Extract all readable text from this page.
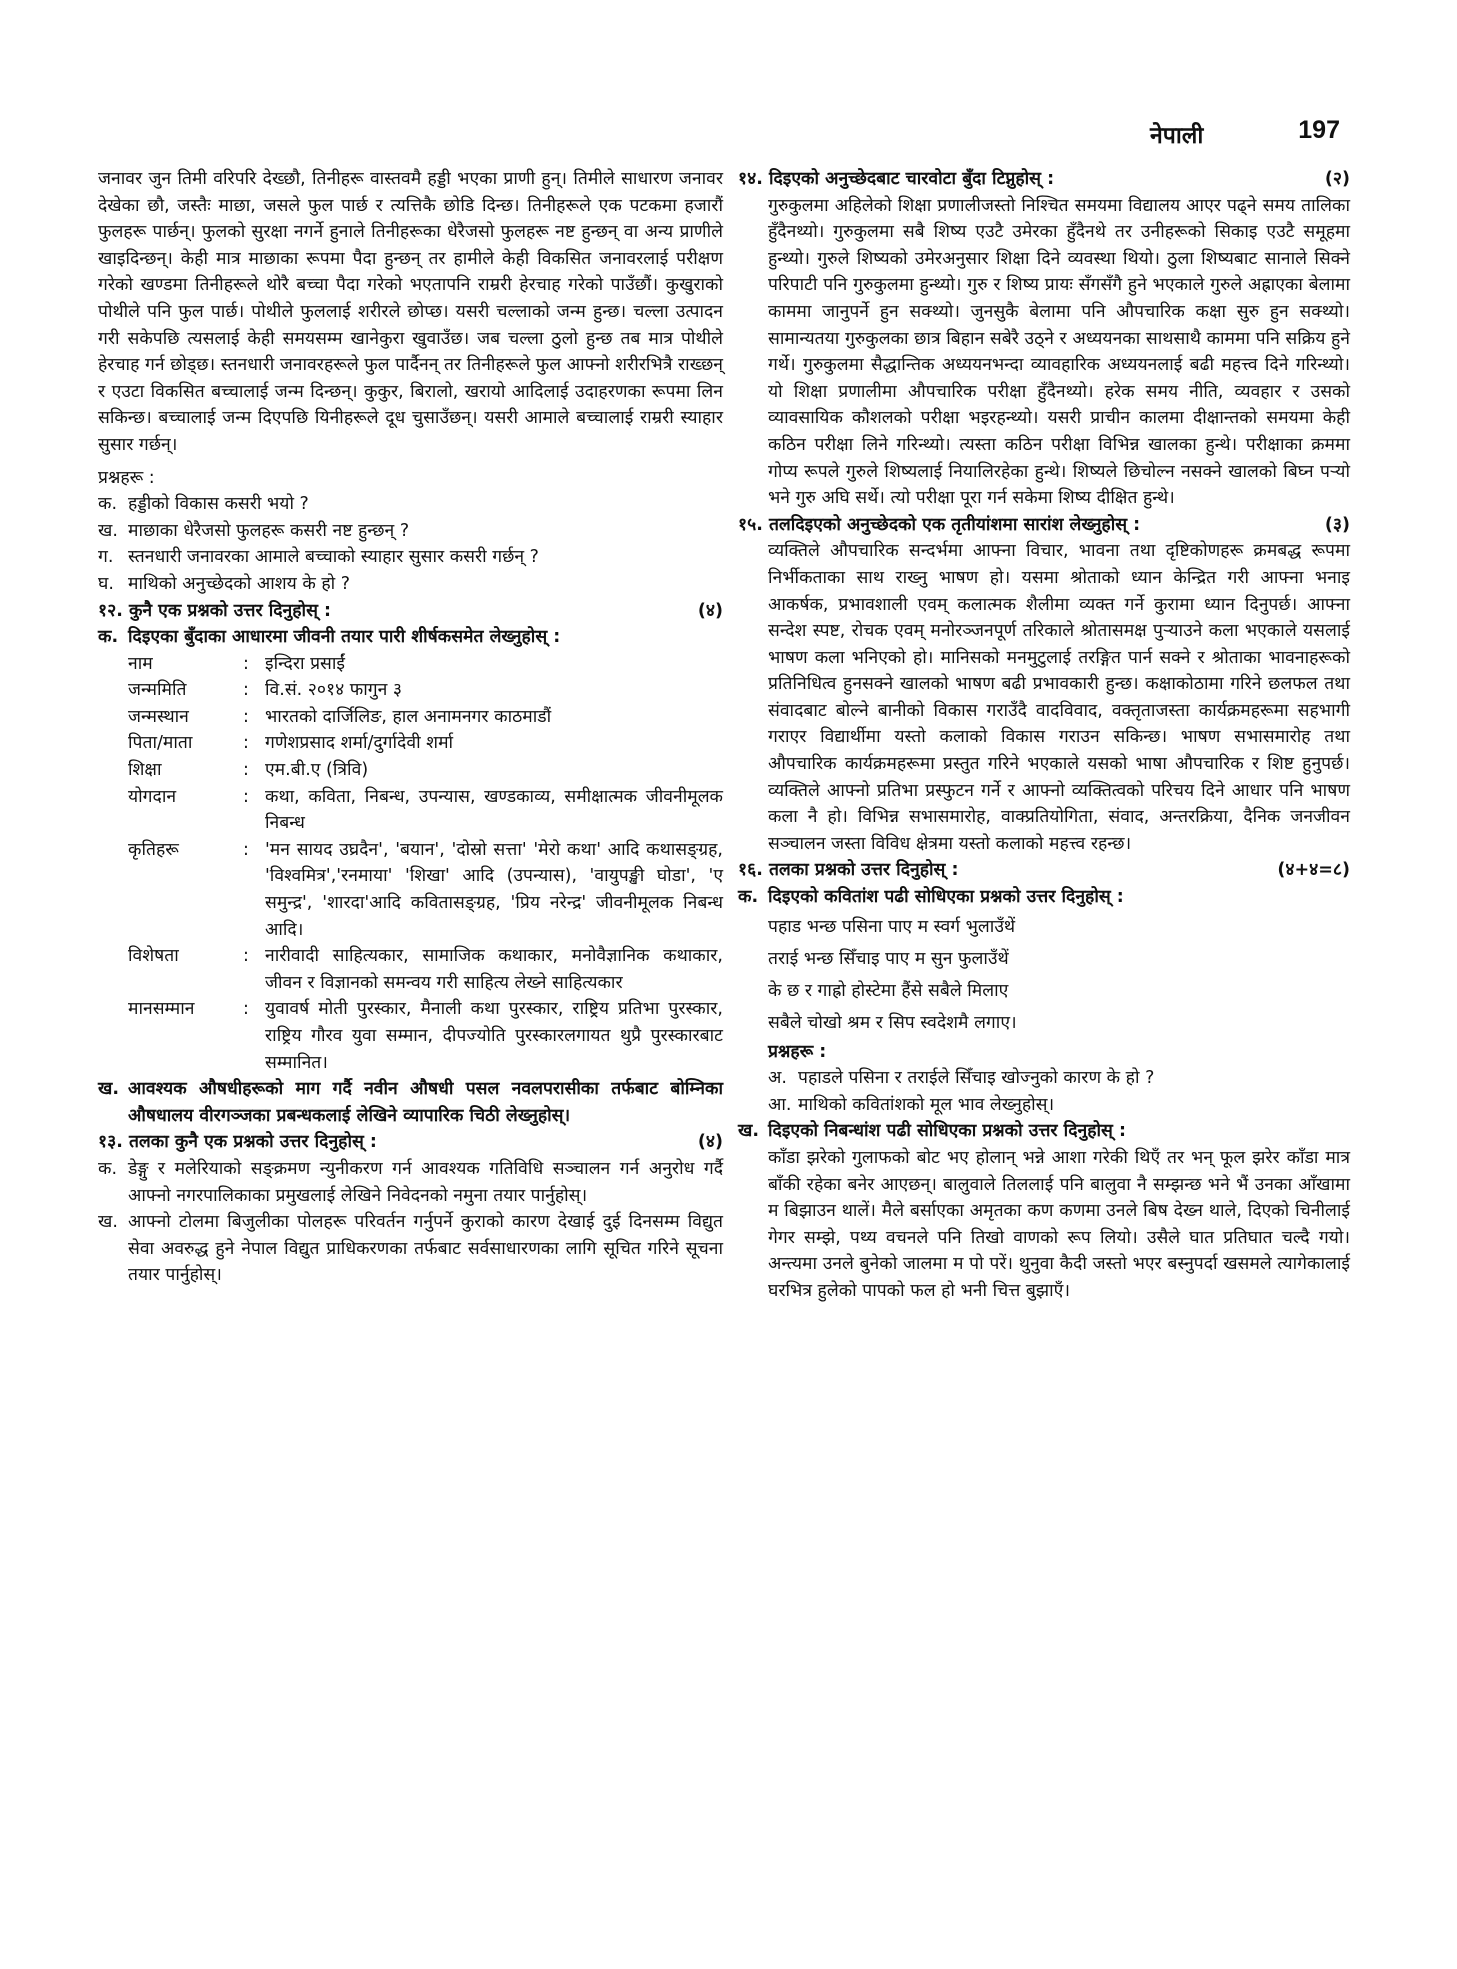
नेपाली	197

जनावर जुन तिमी वरिपरि देख्छौ, तिनीहरू वास्तवमै हड्डी भएका प्राणी हुन्। तिमीले साधारण जनावर देखेका छौ, जस्तैः माछा, जसले फुल पार्छ र त्यत्तिकै छोडि दिन्छ। तिनीहरूले एक पटकमा हजारौं फुलहरू पार्छन्। फुलको सुरक्षा नगर्ने हुनाले तिनीहरूका धेरैजसो फुलहरू नष्ट हुन्छन् वा अन्य प्राणीले खाइदिन्छन्। केही मात्र माछाका रूपमा पैदा हुन्छन् तर हामीले केही विकसित जनावरलाई परीक्षण गरेको खण्डमा तिनीहरूले थोरै बच्चा पैदा गरेको भएतापनि राम्ररी हेरचाह गरेको पाउँछौं। कुखुराको पोथीले पनि फुल पार्छ। पोथीले फुललाई शरीरले छोप्छ। यसरी चल्लाको जन्म हुन्छ। चल्ला उत्पादन गरी सकेपछि त्यसलाई केही समयसम्म खानेकुरा खुवाउँछ। जब चल्ला ठुलो हुन्छ तब मात्र पोथीले हेरचाह गर्न छोड्छ। स्तनधारी जनावरहरूले फुल पार्दैनन् तर तिनीहरूले फुल आफ्नो शरीरभित्रै राख्छन् र एउटा विकसित बच्चालाई जन्म दिन्छन्। कुकुर, बिरालो, खरायो आदिलाई उदाहरणका रूपमा लिन सकिन्छ। बच्चालाई जन्म दिएपछि यिनीहरूले दूध चुसाउँछन्। यसरी आमाले बच्चालाई राम्ररी स्याहार सुसार गर्छन्।

प्रश्नहरू :
क. हड्डीको विकास कसरी भयो ?
ख. माछाका धेरैजसो फुलहरू कसरी नष्ट हुन्छन् ?
ग. स्तनधारी जनावरका आमाले बच्चाको स्याहार सुसार कसरी गर्छन् ?
घ. माथिको अनुच्छेदको आशय के हो ?
१२. कुनै एक प्रश्नको उत्तर दिनुहोस् :	(४)
क. दिइएका बुँदाका आधारमा जीवनी तयार पारी शीर्षकसमेत लेख्नुहोस् :
नाम	:	इन्दिरा प्रसाईं
जन्ममिति	:	वि.सं. २०१४ फागुन ३
जन्मस्थान	:	भारतको दार्जिलिङ, हाल अनामनगर काठमाडौं
पिता/माता	:	गणेशप्रसाद शर्मा/दुर्गादेवी शर्मा
शिक्षा	:	एम.बी.ए (त्रिवि)
योगदान	:	कथा, कविता, निबन्ध, उपन्यास, खण्डकाव्य, समीक्षात्मक जीवनीमूलक निबन्ध
कृतिहरू	:	'मन सायद उघ्रदैन', 'बयान', 'दोस्रो सत्ता' 'मेरो कथा' आदि कथासङ्ग्रह, 'विश्वमित्र','रनमाया' 'शिखा' आदि (उपन्यास), 'वायुपङ्खी घोडा', 'ए समुन्द्र', 'शारदा'आदि कवितासङ्ग्रह, 'प्रिय नरेन्द्र' जीवनीमूलक निबन्ध आदि।
विशेषता	:	नारीवादी साहित्यकार, सामाजिक कथाकार, मनोवैज्ञानिक कथाकार, जीवन र विज्ञानको समन्वय गरी साहित्य लेख्ने साहित्यकार
मानसम्मान	:	युवावर्ष मोती पुरस्कार, मैनाली कथा पुरस्कार, राष्ट्रिय प्रतिभा पुरस्कार, राष्ट्रिय गौरव युवा सम्मान, दीपज्योति पुरस्कारलगायत थुप्रै पुरस्कारबाट सम्मानित।
ख. आवश्यक औषधीहरूको माग गर्दै नवीन औषधी पसल नवलपरासीका तर्फबाट बोम्निका औषधालय वीरगञ्जका प्रबन्धकलाई लेखिने व्यापारिक चिठी लेख्नुहोस्।
१३. तलका कुनै एक प्रश्नको उत्तर दिनुहोस् :	(४)
क. डेङ्गु र मलेरियाको सङ्क्रमण न्युनीकरण गर्न आवश्यक गतिविधि सञ्चालन गर्न अनुरोध गर्दै आफ्नो नगरपालिकाका प्रमुखलाई लेखिने निवेदनको नमुना तयार पार्नुहोस्।
ख. आफ्नो टोलमा बिजुलीका पोलहरू परिवर्तन गर्नुपर्ने कुराको कारण देखाई दुई दिनसम्म विद्युत सेवा अवरुद्ध हुने नेपाल विद्युत प्राधिकरणका तर्फबाट सर्वसाधारणका लागि सूचित गरिने सूचना तयार पार्नुहोस्।
१४. दिइएको अनुच्छेदबाट चारवोटा बुँदा टिप्नुहोस् :	(२)

गुरुकुलमा अहिलेको शिक्षा प्रणालीजस्तो निश्चित समयमा विद्यालय आएर पढ्ने समय तालिका हुँदैनथ्यो। गुरुकुलमा सबै शिष्य एउटै उमेरका हुँदैनथे तर उनीहरूको सिकाइ एउटै समूहमा हुन्थ्यो। गुरुले शिष्यको उमेरअनुसार शिक्षा दिने व्यवस्था थियो। ठुला शिष्यबाट सानाले सिक्ने परिपाटी पनि गुरुकुलमा हुन्थ्यो। गुरु र शिष्य प्रायः सँगसँगै हुने भएकाले गुरुले अह्राएका बेलामा काममा जानुपर्ने हुन सक्थ्यो। जुनसुकै बेलामा पनि औपचारिक कक्षा सुरु हुन सक्थ्यो। सामान्यतया गुरुकुलका छात्र बिहान सबेरै उठ्ने र अध्ययनका साथसाथै काममा पनि सक्रिय हुने गर्थे। गुरुकुलमा सैद्धान्तिक अध्ययनभन्दा व्यावहारिक अध्ययनलाई बढी महत्त्व दिने गरिन्थ्यो। यो शिक्षा प्रणालीमा औपचारिक परीक्षा हुँदैनथ्यो। हरेक समय नीति, व्यवहार र उसको व्यावसायिक कौशलको परीक्षा भइरहन्थ्यो। यसरी प्राचीन कालमा दीक्षान्तको समयमा केही कठिन परीक्षा लिने गरिन्थ्यो। त्यस्ता कठिन परीक्षा विभिन्न खालका हुन्थे। परीक्षाका क्रममा गोप्य रूपले गुरुले शिष्यलाई नियालिरहेका हुन्थे। शिष्यले छिचोल्न नसक्ने खालको बिघ्न पर्‍यो भने गुरु अघि सर्थे। त्यो परीक्षा पूरा गर्न सकेमा शिष्य दीक्षित हुन्थे।

१५. तलदिइएको अनुच्छेदको एक तृतीयांशमा सारांश लेख्नुहोस् :	(३)

व्यक्तिले औपचारिक सन्दर्भमा आफ्ना विचार, भावना तथा दृष्टिकोणहरू क्रमबद्ध रूपमा निर्भीकताका साथ राख्नु भाषण हो। यसमा श्रोताको ध्यान केन्द्रित गरी आफ्ना भनाइ आकर्षक, प्रभावशाली एवम् कलात्मक शैलीमा व्यक्त गर्ने कुरामा ध्यान दिनुपर्छ। आफ्ना सन्देश स्पष्ट, रोचक एवम् मनोरञ्जनपूर्ण तरिकाले श्रोतासमक्ष पुऱ्याउने कला भएकाले यसलाई भाषण कला भनिएको हो। मानिसको मनमुटुलाई तरङ्गित पार्न सक्ने र श्रोताका भावनाहरूको प्रतिनिधित्व हुनसक्ने खालको भाषण बढी प्रभावकारी हुन्छ। कक्षाकोठामा गरिने छलफल तथा संवादबाट बोल्ने बानीको विकास गराउँदै वादविवाद, वक्तृताजस्ता कार्यक्रमहरूमा सहभागी गराएर विद्यार्थीमा यस्तो कलाको विकास गराउन सकिन्छ। भाषण सभासमारोह तथा औपचारिक कार्यक्रमहरूमा प्रस्तुत गरिने भएकाले यसको भाषा औपचारिक र शिष्ट हुनुपर्छ। व्यक्तिले आफ्नो प्रतिभा प्रस्फुटन गर्ने र आफ्नो व्यक्तित्वको परिचय दिने आधार पनि भाषण कला नै हो। विभिन्न सभासमारोह, वाक्प्रतियोगिता, संवाद, अन्तरक्रिया, दैनिक जनजीवन सञ्चालन जस्ता विविध क्षेत्रमा यस्तो कलाको महत्त्व रहन्छ।

१६. तलका प्रश्नको उत्तर दिनुहोस् :	(४+४=८)
क. दिइएको कवितांश पढी सोधिएका प्रश्नको उत्तर दिनुहोस् :
पहाड भन्छ पसिना पाए म स्वर्ग भुलाउँथें
तराई भन्छ सिँचाइ पाए म सुन फुलाउँथें
के छ र गाह्रो होस्टेमा हैंसे सबैले मिलाए
सबैले चोखो श्रम र सिप स्वदेशमै लगाए।
प्रश्नहरू :
अ. पहाडले पसिना र तराईले सिँचाइ खोज्नुको कारण के हो ?
आ. माथिको कवितांशको मूल भाव लेख्नुहोस्।
ख. दिइएको निबन्धांश पढी सोधिएका प्रश्नको उत्तर दिनुहोस् :

काँडा झरेको गुलाफको बोट भए होलान् भन्ने आशा गरेकी थिएँ तर भन् फूल झरेर काँडा मात्र बाँकी रहेका बनेर आएछन्। बालुवाले तिललाई पनि बालुवा नै सम्झन्छ भने भैं उनका आँखामा म बिझाउन थालें। मैले बर्साएका अमृतका कण कणमा उनले बिष देख्न थाले, दिएको चिनीलाई गेगर सम्झे, पथ्य वचनले पनि तिखो वाणको रूप लियो। उसैले घात प्रतिघात चल्दै गयो। अन्त्यमा उनले बुनेको जालमा म पो परें। थुनुवा कैदी जस्तो भएर बस्नुपर्दा खसमले त्यागेकालाई घरभित्र हुलेको पापको फल हो भनी चित्त बुझाएँ।
